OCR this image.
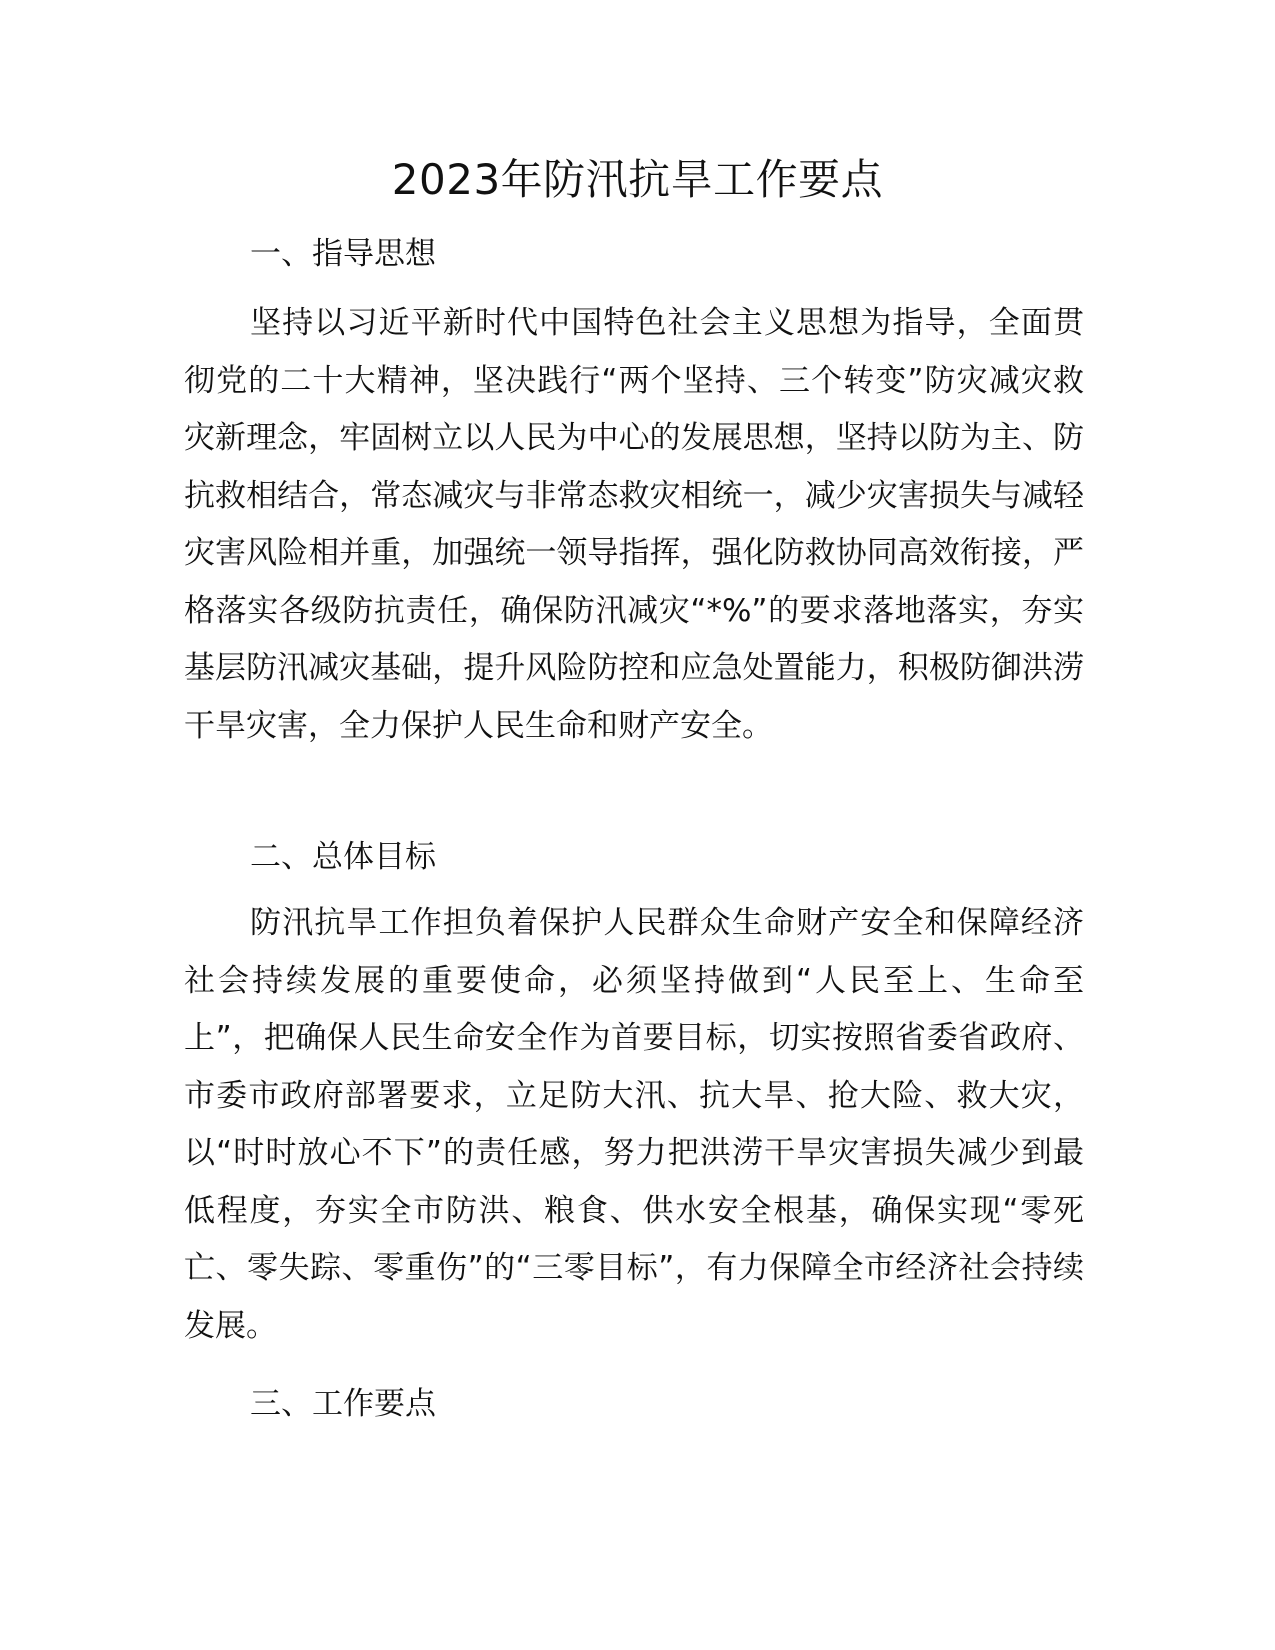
2023年防汛抗旱工作要点
一、指导思想

坚持以习近平新时代中国特色社会主义思想为指导，全面贯彻党的二十大精神，坚决践行“两个坚持、三个转变”防灾减灾救灾新理念，牢固树立以人民为中心的发展思想，坚持以防为主、防抗救相结合，常态减灾与非常态救灾相统一，减少灾害损失与减轻灾害风险相并重，加强统一领导指挥，强化防救协同高效衔接，严格落实各级防抗责任，确保防汛减灾“*%”的要求落地落实，夯实基层防汛减灾基础，提升风险防控和应急处置能力，积极防御洪涝干旱灾害，全力保护人民生命和财产安全。

二、总体目标

防汛抗旱工作担负着保护人民群众生命财产安全和保障经济社会持续发展的重要使命，必须坚持做到“人民至上、生命至上”，把确保人民生命安全作为首要目标，切实按照省委省政府、市委市政府部署要求，立足防大汛、抗大旱、抢大险、救大灾，以“时时放心不下”的责任感，努力把洪涝干旱灾害损失减少到最低程度，夯实全市防洪、粮食、供水安全根基，确保实现“零死亡、零失踪、零重伤”的“三零目标”，有力保障全市经济社会持续发展。

三、工作要点
